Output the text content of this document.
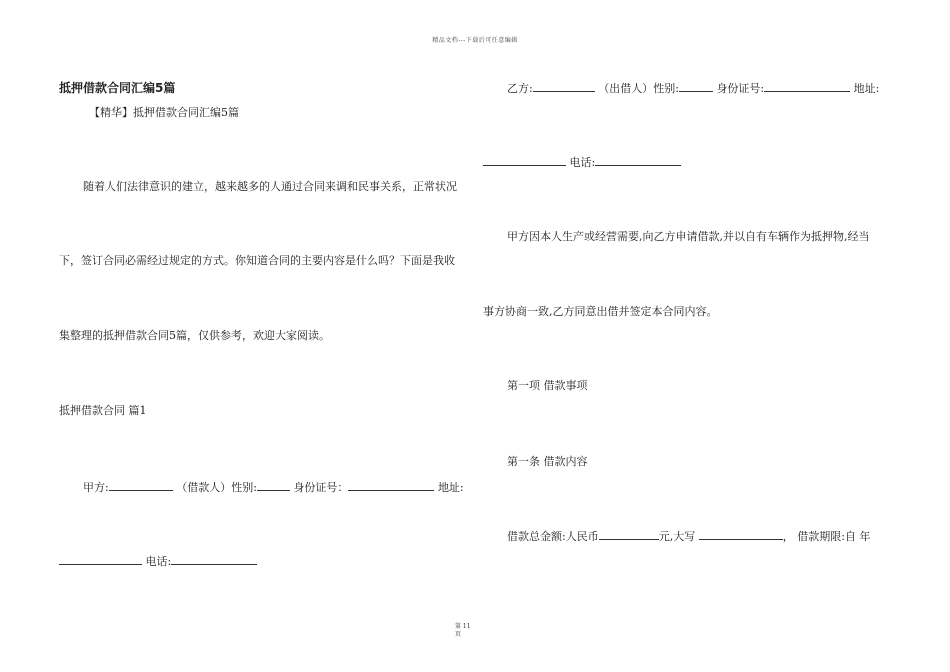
精品文档---下载后可任意编辑
抵押借款合同汇编5篇
【精华】抵押借款合同汇编5篇
随着人们法律意识的建立，越来越多的人通过合同来调和民事关系，正常状况
下，签订合同必需经过规定的方式。你知道合同的主要内容是什么吗？下面是我收
集整理的抵押借款合同5篇，仅供参考，欢迎大家阅读。
抵押借款合同 篇1
甲方:	（借款人）性别:	身份证号：	地址:
电话:
乙方:	（出借人）性别:	身份证号:	地址:
电话:
甲方因本人生产或经营需要,向乙方申请借款,并以自有车辆作为抵押物,经当
事方协商一致,乙方同意出借并签定本合同内容。
第一项 借款事项
第一条 借款内容
借款总金额:人民币	元,大写	， 借款期限:自 年
第 11
页
